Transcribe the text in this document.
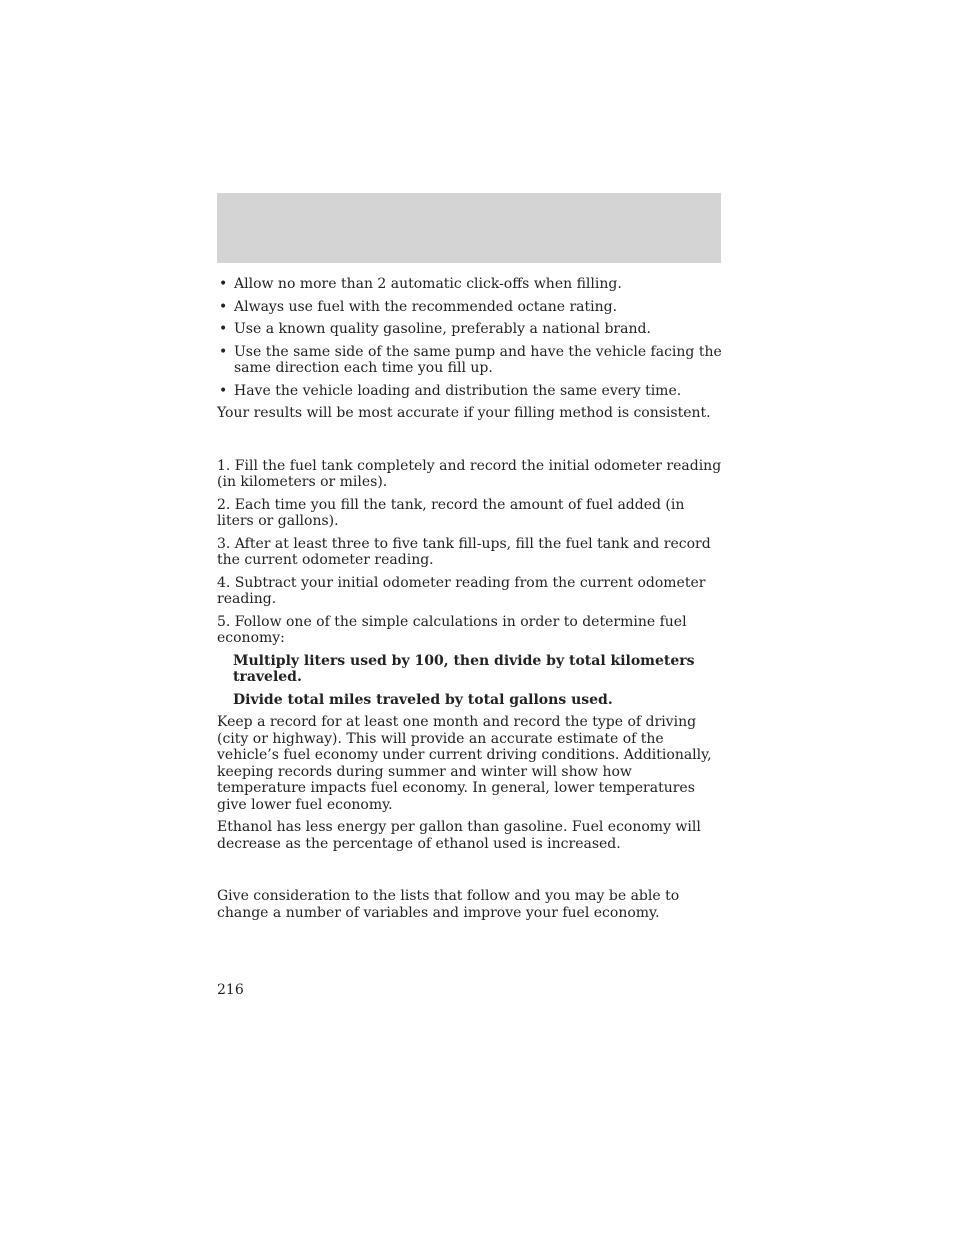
• Allow no more than 2 automatic click-offs when filling.
• Always use fuel with the recommended octane rating.
• Use a known quality gasoline, preferably a national brand.
• Use the same side of the same pump and have the vehicle facing the same direction each time you fill up.
• Have the vehicle loading and distribution the same every time.

Your results will be most accurate if your filling method is consistent.

1. Fill the fuel tank completely and record the initial odometer reading (in kilometers or miles).

2. Each time you fill the tank, record the amount of fuel added (in liters or gallons).

3. After at least three to five tank fill-ups, fill the fuel tank and record the current odometer reading.

4. Subtract your initial odometer reading from the current odometer reading.

5. Follow one of the simple calculations in order to determine fuel economy:

Multiply liters used by 100, then divide by total kilometers traveled.
Divide total miles traveled by total gallons used.

Keep a record for at least one month and record the type of driving (city or highway). This will provide an accurate estimate of the vehicle’s fuel economy under current driving conditions. Additionally, keeping records during summer and winter will show how temperature impacts fuel economy. In general, lower temperatures give lower fuel economy.

Ethanol has less energy per gallon than gasoline. Fuel economy will decrease as the percentage of ethanol used is increased.

Give consideration to the lists that follow and you may be able to change a number of variables and improve your fuel economy.

216
